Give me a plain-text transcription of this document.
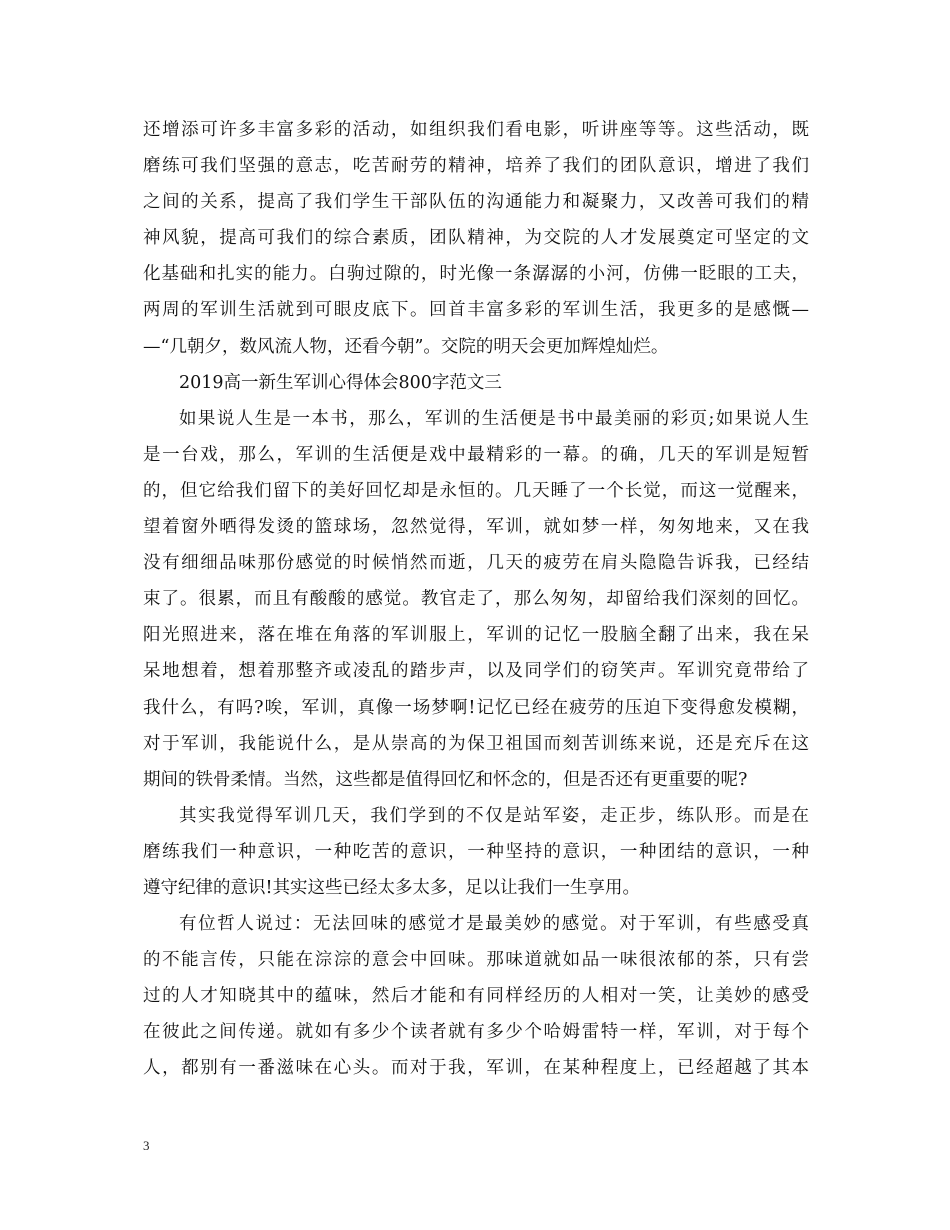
还增添可许多丰富多彩的活动，如组织我们看电影，听讲座等等。这些活动，既
磨练可我们坚强的意志，吃苦耐劳的精神，培养了我们的团队意识，增进了我们
之间的关系，提高了我们学生干部队伍的沟通能力和凝聚力，又改善可我们的精
神风貌，提高可我们的综合素质，团队精神，为交院的人才发展奠定可坚定的文
化基础和扎实的能力。白驹过隙的，时光像一条潺潺的小河，仿佛一眨眼的工夫，
两周的军训生活就到可眼皮底下。回首丰富多彩的军训生活，我更多的是感慨—
—“几朝夕，数风流人物，还看今朝”。交院的明天会更加辉煌灿烂。
2019高一新生军训心得体会800字范文三
如果说人生是一本书，那么，军训的生活便是书中最美丽的彩页;如果说人生
是一台戏，那么，军训的生活便是戏中最精彩的一幕。的确，几天的军训是短暂
的，但它给我们留下的美好回忆却是永恒的。几天睡了一个长觉，而这一觉醒来，
望着窗外晒得发烫的篮球场，忽然觉得，军训，就如梦一样，匆匆地来，又在我
没有细细品味那份感觉的时候悄然而逝，几天的疲劳在肩头隐隐告诉我，已经结
束了。很累，而且有酸酸的感觉。教官走了，那么匆匆，却留给我们深刻的回忆。
阳光照进来，落在堆在角落的军训服上，军训的记忆一股脑全翻了出来，我在呆
呆地想着，想着那整齐或凌乱的踏步声，以及同学们的窃笑声。军训究竟带给了
我什么，有吗?唉，军训，真像一场梦啊!记忆已经在疲劳的压迫下变得愈发模糊，
对于军训，我能说什么，是从崇高的为保卫祖国而刻苦训练来说，还是充斥在这
期间的铁骨柔情。当然，这些都是值得回忆和怀念的，但是否还有更重要的呢?
其实我觉得军训几天，我们学到的不仅是站军姿，走正步，练队形。而是在
磨练我们一种意识，一种吃苦的意识，一种坚持的意识，一种团结的意识，一种
遵守纪律的意识!其实这些已经太多太多，足以让我们一生享用。
有位哲人说过：无法回味的感觉才是最美妙的感觉。对于军训，有些感受真
的不能言传，只能在淙淙的意会中回味。那味道就如品一味很浓郁的茶，只有尝
过的人才知晓其中的蕴味，然后才能和有同样经历的人相对一笑，让美妙的感受
在彼此之间传递。就如有多少个读者就有多少个哈姆雷特一样，军训，对于每个
人，都别有一番滋味在心头。而对于我，军训，在某种程度上，已经超越了其本
3
